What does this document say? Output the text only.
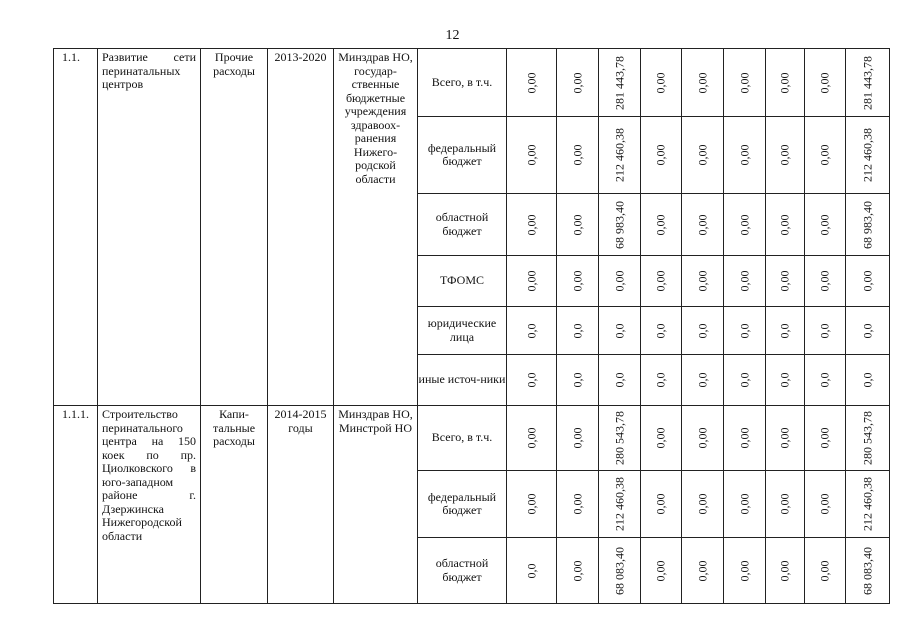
12
1.1.	Развитие сети перинатальных центров	Прочие расходы	2013-2020	Минздрав НО, государ-ственные бюджетные учреждения здравоох-ранения Нижего-родской области	Всего, в т.ч.	0,00	0,00	281 443,78	0,00	0,00	0,00	0,00	0,00	281 443,78

					федеральный бюджет	0,00	0,00	212 460,38	0,00	0,00	0,00	0,00	0,00	212 460,38

					областной бюджет	0,00	0,00	68 983,40	0,00	0,00	0,00	0,00	0,00	68 983,40

					ТФОМС	0,00	0,00	0,00	0,00	0,00	0,00	0,00	0,00	0,00

					юридические лица	0,0	0,0	0,0	0,0	0,0	0,0	0,0	0,0	0,0

					иные источ-ники	0,0	0,0	0,0	0,0	0,0	0,0	0,0	0,0	0,0

1.1.1.	Строительство перинатального центра на 150 коек по пр. Циолковского в юго-западном районе г. Дзержинска Нижегородской области	Капи-тальные расходы	2014-2015 годы	Минздрав НО, Минстрой НО	Всего, в т.ч.	0,00	0,00	280 543,78	0,00	0,00	0,00	0,00	0,00	280 543,78

					федеральный бюджет	0,00	0,00	212 460,38	0,00	0,00	0,00	0,00	0,00	212 460,38

					областной бюджет	0,0	0,00	68 083,40	0,00	0,00	0,00	0,00	0,00	68 083,40
